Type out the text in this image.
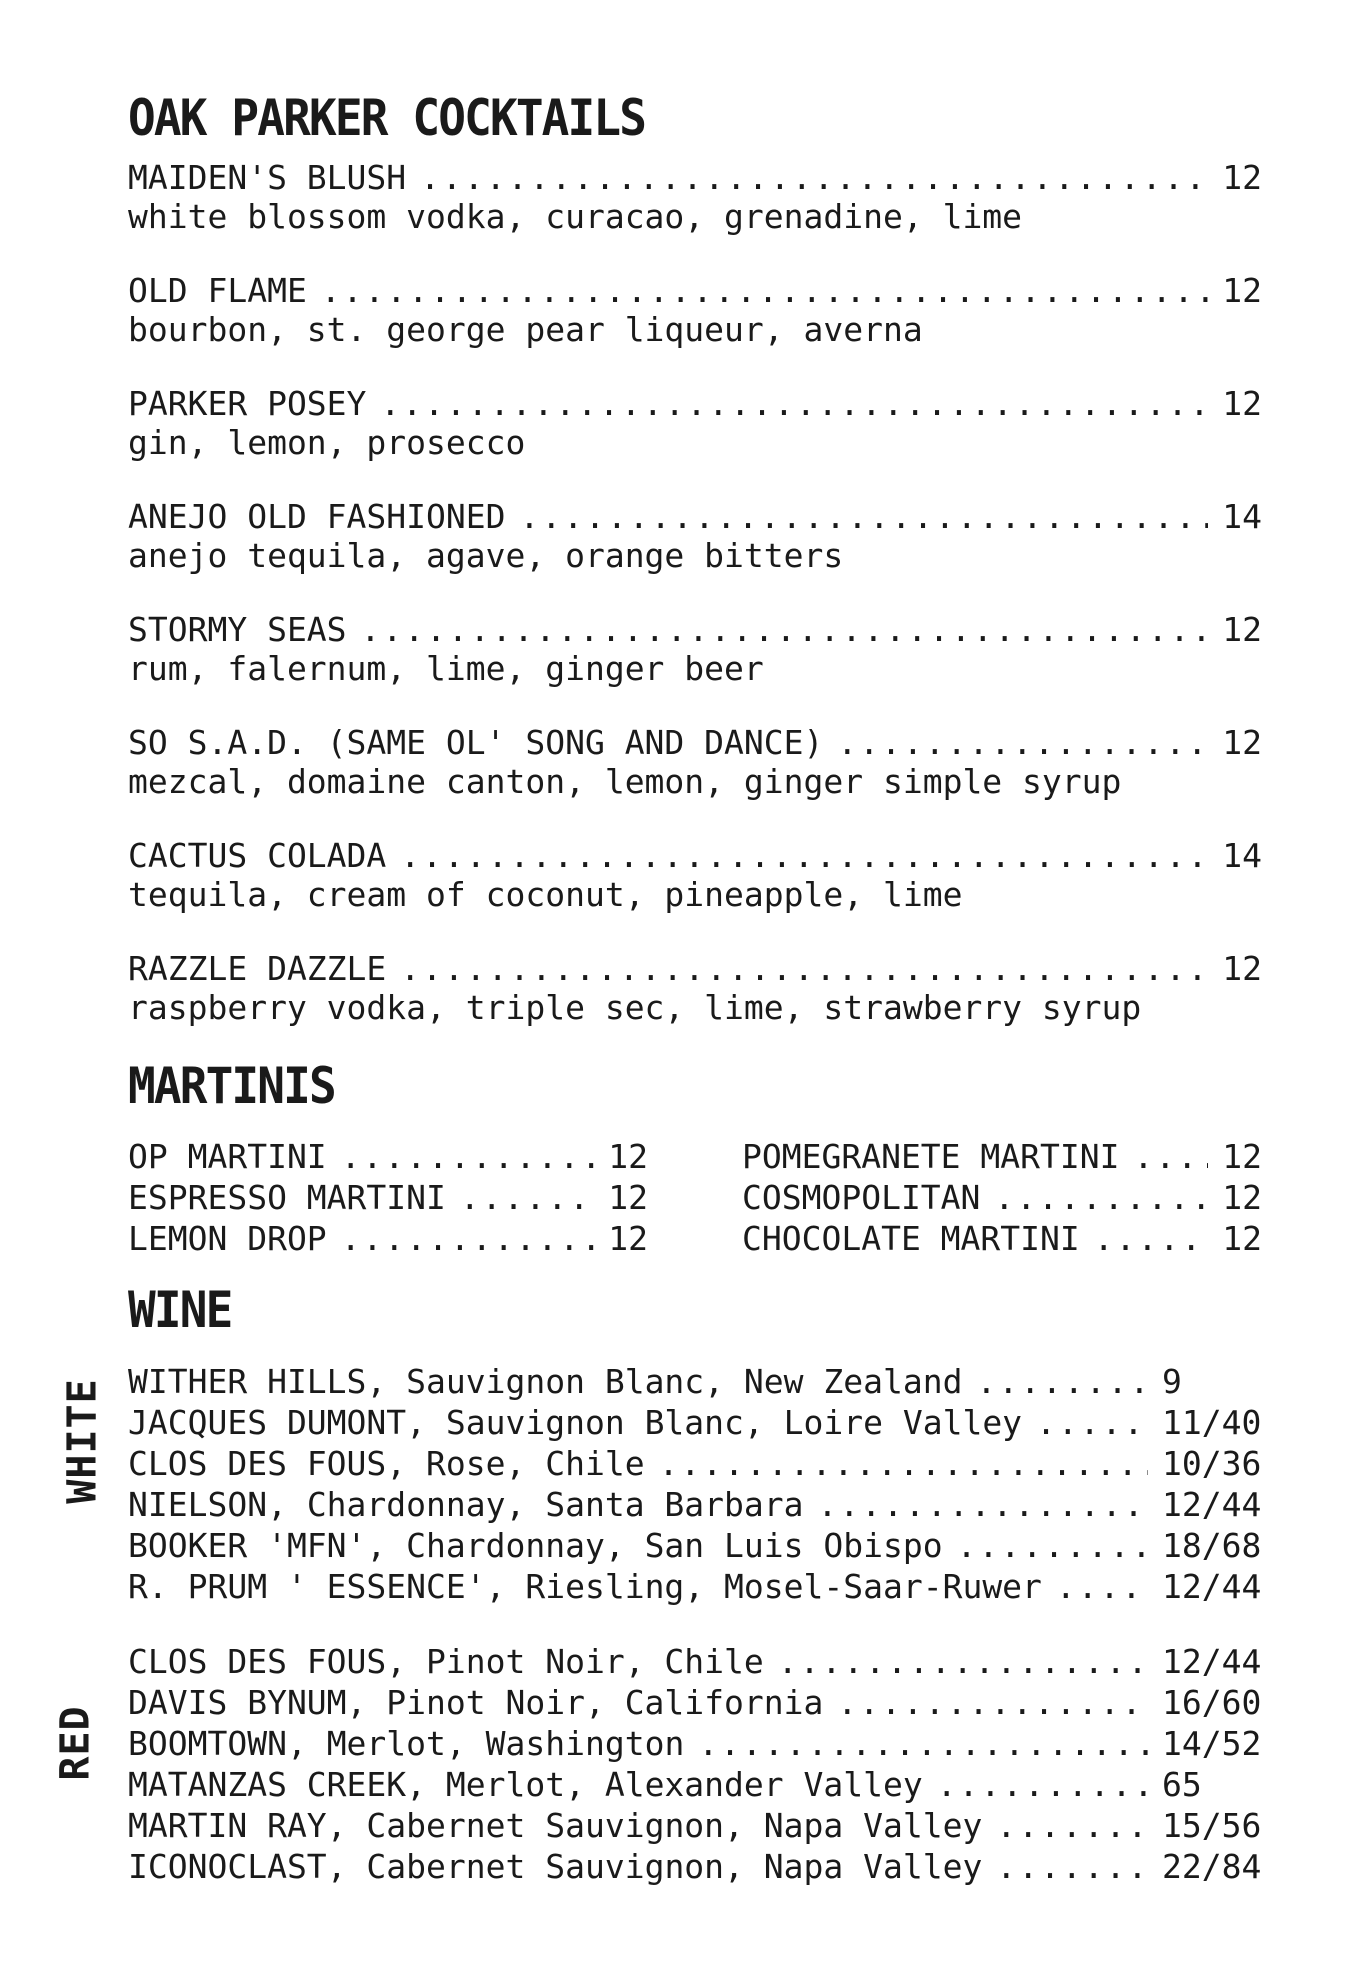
OAK PARKER COCKTAILS
MAIDEN'S BLUSH .....	12
white blossom vodka, curacao, grenadine, lime
OLD FLAME .....	12
bourbon, st. george pear liqueur, averna
PARKER POSEY .....	12
gin, lemon, prosecco
ANEJO OLD FASHIONED .....	14
anejo tequila, agave, orange bitters
STORMY SEAS .....	12
rum, falernum, lime, ginger beer
SO S.A.D. (SAME OL' SONG AND DANCE) .....	12
mezcal, domaine canton, lemon, ginger simple syrup
CACTUS COLADA .....	14
tequila, cream of coconut, pineapple, lime
RAZZLE DAZZLE .....	12
raspberry vodka, triple sec, lime, strawberry syrup
MARTINIS
OP MARTINI .....	12
ESPRESSO MARTINI .....	12
LEMON DROP .....	12
POMEGRANETE MARTINI .....	12
COSMOPOLITAN .....	12
CHOCOLATE MARTINI .....	12
WINE
WHITE WITHER HILLS, Sauvignon Blanc, New Zealand .....	9
JACQUES DUMONT, Sauvignon Blanc, Loire Valley .....	11/40
CLOS DES FOUS, Rose, Chile .....	10/36
NIELSON, Chardonnay, Santa Barbara .....	12/44
BOOKER 'MFN', Chardonnay, San Luis Obispo .....	18/68
R. PRUM ' ESSENCE', Riesling, Mosel-Saar-Ruwer .....	12/44
RED
CLOS DES FOUS, Pinot Noir, Chile .....	12/44
DAVIS BYNUM, Pinot Noir, California .....	16/60
BOOMTOWN, Merlot, Washington .....	14/52
MATANZAS CREEK, Merlot, Alexander Valley .....	65
MARTIN RAY, Cabernet Sauvignon, Napa Valley .....	15/56
ICONOCLAST, Cabernet Sauvignon, Napa Valley .....	22/84
